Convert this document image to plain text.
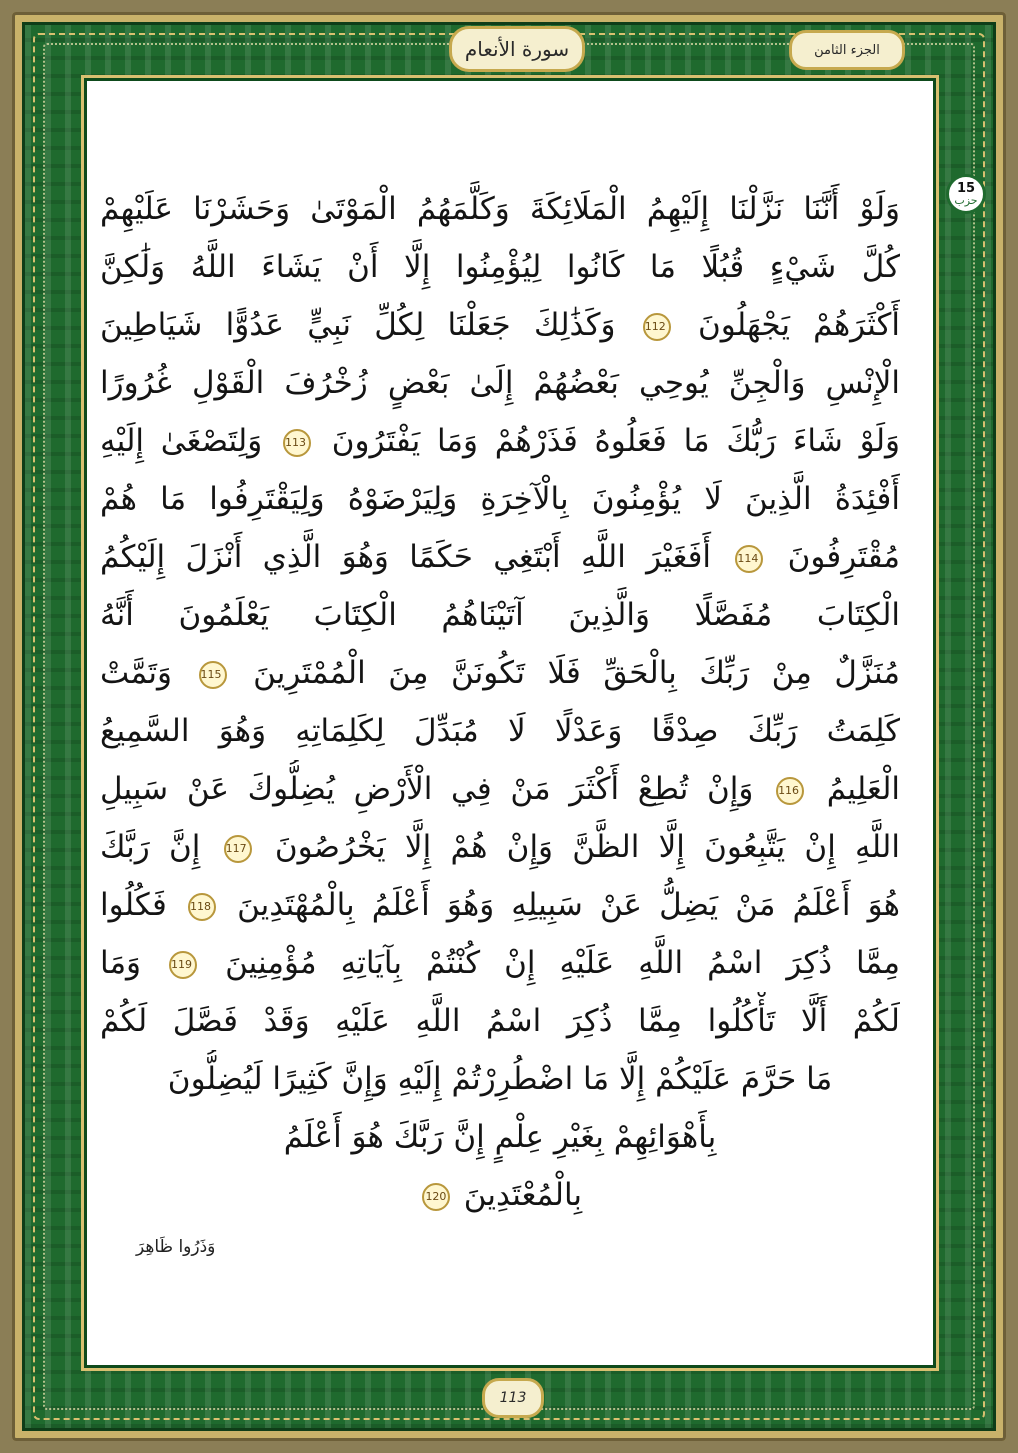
سورة الأنعام	الجزء الثامن
15
حزب
وَلَوْ أَنَّنَا نَزَّلْنَا إِلَيْهِمُ الْمَلَائِكَةَ وَكَلَّمَهُمُ الْمَوْتَىٰ وَحَشَرْنَا عَلَيْهِمْ
كُلَّ شَيْءٍ قُبُلًا مَا كَانُوا لِيُؤْمِنُوا إِلَّا أَنْ يَشَاءَ اللَّهُ وَلَٰكِنَّ
أَكْثَرَهُمْ يَجْهَلُونَ 112 وَكَذَٰلِكَ جَعَلْنَا لِكُلِّ نَبِيٍّ عَدُوًّا شَيَاطِينَ
الْإِنْسِ وَالْجِنِّ يُوحِي بَعْضُهُمْ إِلَىٰ بَعْضٍ زُخْرُفَ الْقَوْلِ غُرُورًا
وَلَوْ شَاءَ رَبُّكَ مَا فَعَلُوهُ فَذَرْهُمْ وَمَا يَفْتَرُونَ 113 وَلِتَصْغَىٰ إِلَيْهِ
أَفْئِدَةُ الَّذِينَ لَا يُؤْمِنُونَ بِالْآخِرَةِ وَلِيَرْضَوْهُ وَلِيَقْتَرِفُوا مَا هُمْ
مُقْتَرِفُونَ 114 أَفَغَيْرَ اللَّهِ أَبْتَغِي حَكَمًا وَهُوَ الَّذِي أَنْزَلَ إِلَيْكُمُ
الْكِتَابَ مُفَصَّلًا وَالَّذِينَ آتَيْنَاهُمُ الْكِتَابَ يَعْلَمُونَ أَنَّهُ
مُنَزَّلٌ مِنْ رَبِّكَ بِالْحَقِّ فَلَا تَكُونَنَّ مِنَ الْمُمْتَرِينَ 115 وَتَمَّتْ
كَلِمَتُ رَبِّكَ صِدْقًا وَعَدْلًا لَا مُبَدِّلَ لِكَلِمَاتِهِ وَهُوَ السَّمِيعُ
الْعَلِيمُ 116 وَإِنْ تُطِعْ أَكْثَرَ مَنْ فِي الْأَرْضِ يُضِلُّوكَ عَنْ سَبِيلِ
اللَّهِ إِنْ يَتَّبِعُونَ إِلَّا الظَّنَّ وَإِنْ هُمْ إِلَّا يَخْرُصُونَ 117 إِنَّ رَبَّكَ
هُوَ أَعْلَمُ مَنْ يَضِلُّ عَنْ سَبِيلِهِ وَهُوَ أَعْلَمُ بِالْمُهْتَدِينَ 118 فَكُلُوا
مِمَّا ذُكِرَ اسْمُ اللَّهِ عَلَيْهِ إِنْ كُنْتُمْ بِآيَاتِهِ مُؤْمِنِينَ 119 وَمَا
لَكُمْ أَلَّا تَأْكُلُوا مِمَّا ذُكِرَ اسْمُ اللَّهِ عَلَيْهِ وَقَدْ فَصَّلَ لَكُمْ
مَا حَرَّمَ عَلَيْكُمْ إِلَّا مَا اضْطُرِرْتُمْ إِلَيْهِ وَإِنَّ كَثِيرًا لَيُضِلُّونَ
بِأَهْوَائِهِمْ بِغَيْرِ عِلْمٍ إِنَّ رَبَّكَ هُوَ أَعْلَمُ
بِالْمُعْتَدِينَ 120
وَذَرُوا ظَاهِرَ
113
